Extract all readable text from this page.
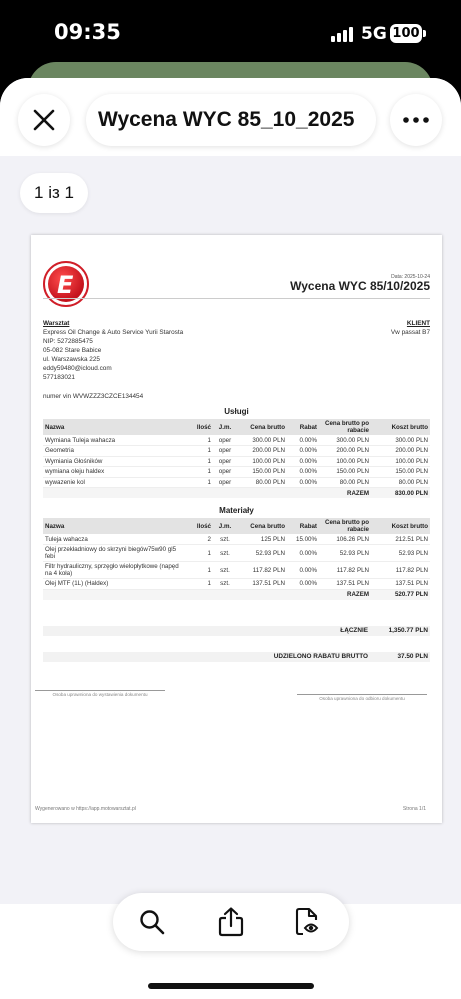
09:35	5G 100
Wycena WYC 85_10_2025
1 із 1
E	Data: 2025-10-24
Wycena WYC 85/10/2025
Warsztat
Express Oil Change & Auto Service Yurii Starosta
NIP: 5272885475
05-082 Stare Babice
ul. Warszawska 225
eddy59480@icloud.com
577183021
KLIENT
Vw passat B7
numer vin WVWZZZ3CZCE134454
Usługi
Nazwa	Ilość	J.m.	Cena brutto	Rabat	Cena brutto po rabacie	Koszt brutto
Wymiana Tuleja wahacza	1	oper	300.00 PLN	0.00%	300.00 PLN	300.00 PLN
Geometria	1	oper	200.00 PLN	0.00%	200.00 PLN	200.00 PLN
Wymiania Głośników	1	oper	100.00 PLN	0.00%	100.00 PLN	100.00 PLN
wymiana oleju haldex	1	oper	150.00 PLN	0.00%	150.00 PLN	150.00 PLN
wywazenie kol	1	oper	80.00 PLN	0.00%	80.00 PLN	80.00 PLN
					RAZEM	830.00 PLN
Materiały
Nazwa	Ilość	J.m.	Cena brutto	Rabat	Cena brutto po rabacie	Koszt brutto
Tuleja wahacza	2	szt.	125 PLN	15.00%	106.26 PLN	212.51 PLN
Olej przekładniowy do skrzyni biegów75w90 gl5 febi	1	szt.	52.93 PLN	0.00%	52.93 PLN	52.93 PLN
Filtr hydrauliczny, sprzęgło wielopłytkowe (napęd na 4 koła)	1	szt.	117.82 PLN	0.00%	117.82 PLN	117.82 PLN
Olej MTF (1L) (Haldex)	1	szt.	137.51 PLN	0.00%	137.51 PLN	137.51 PLN
					RAZEM	520.77 PLN
ŁĄCZNIE	1,350.77 PLN
UDZIELONO RABATU BRUTTO	37.50 PLN
Osoba uprawniona do wystawienia dokumentu
Osoba uprawniona do odbioru dokumentu
Wygenerowano w https://app.motowarsztat.pl	Strona 1/1
